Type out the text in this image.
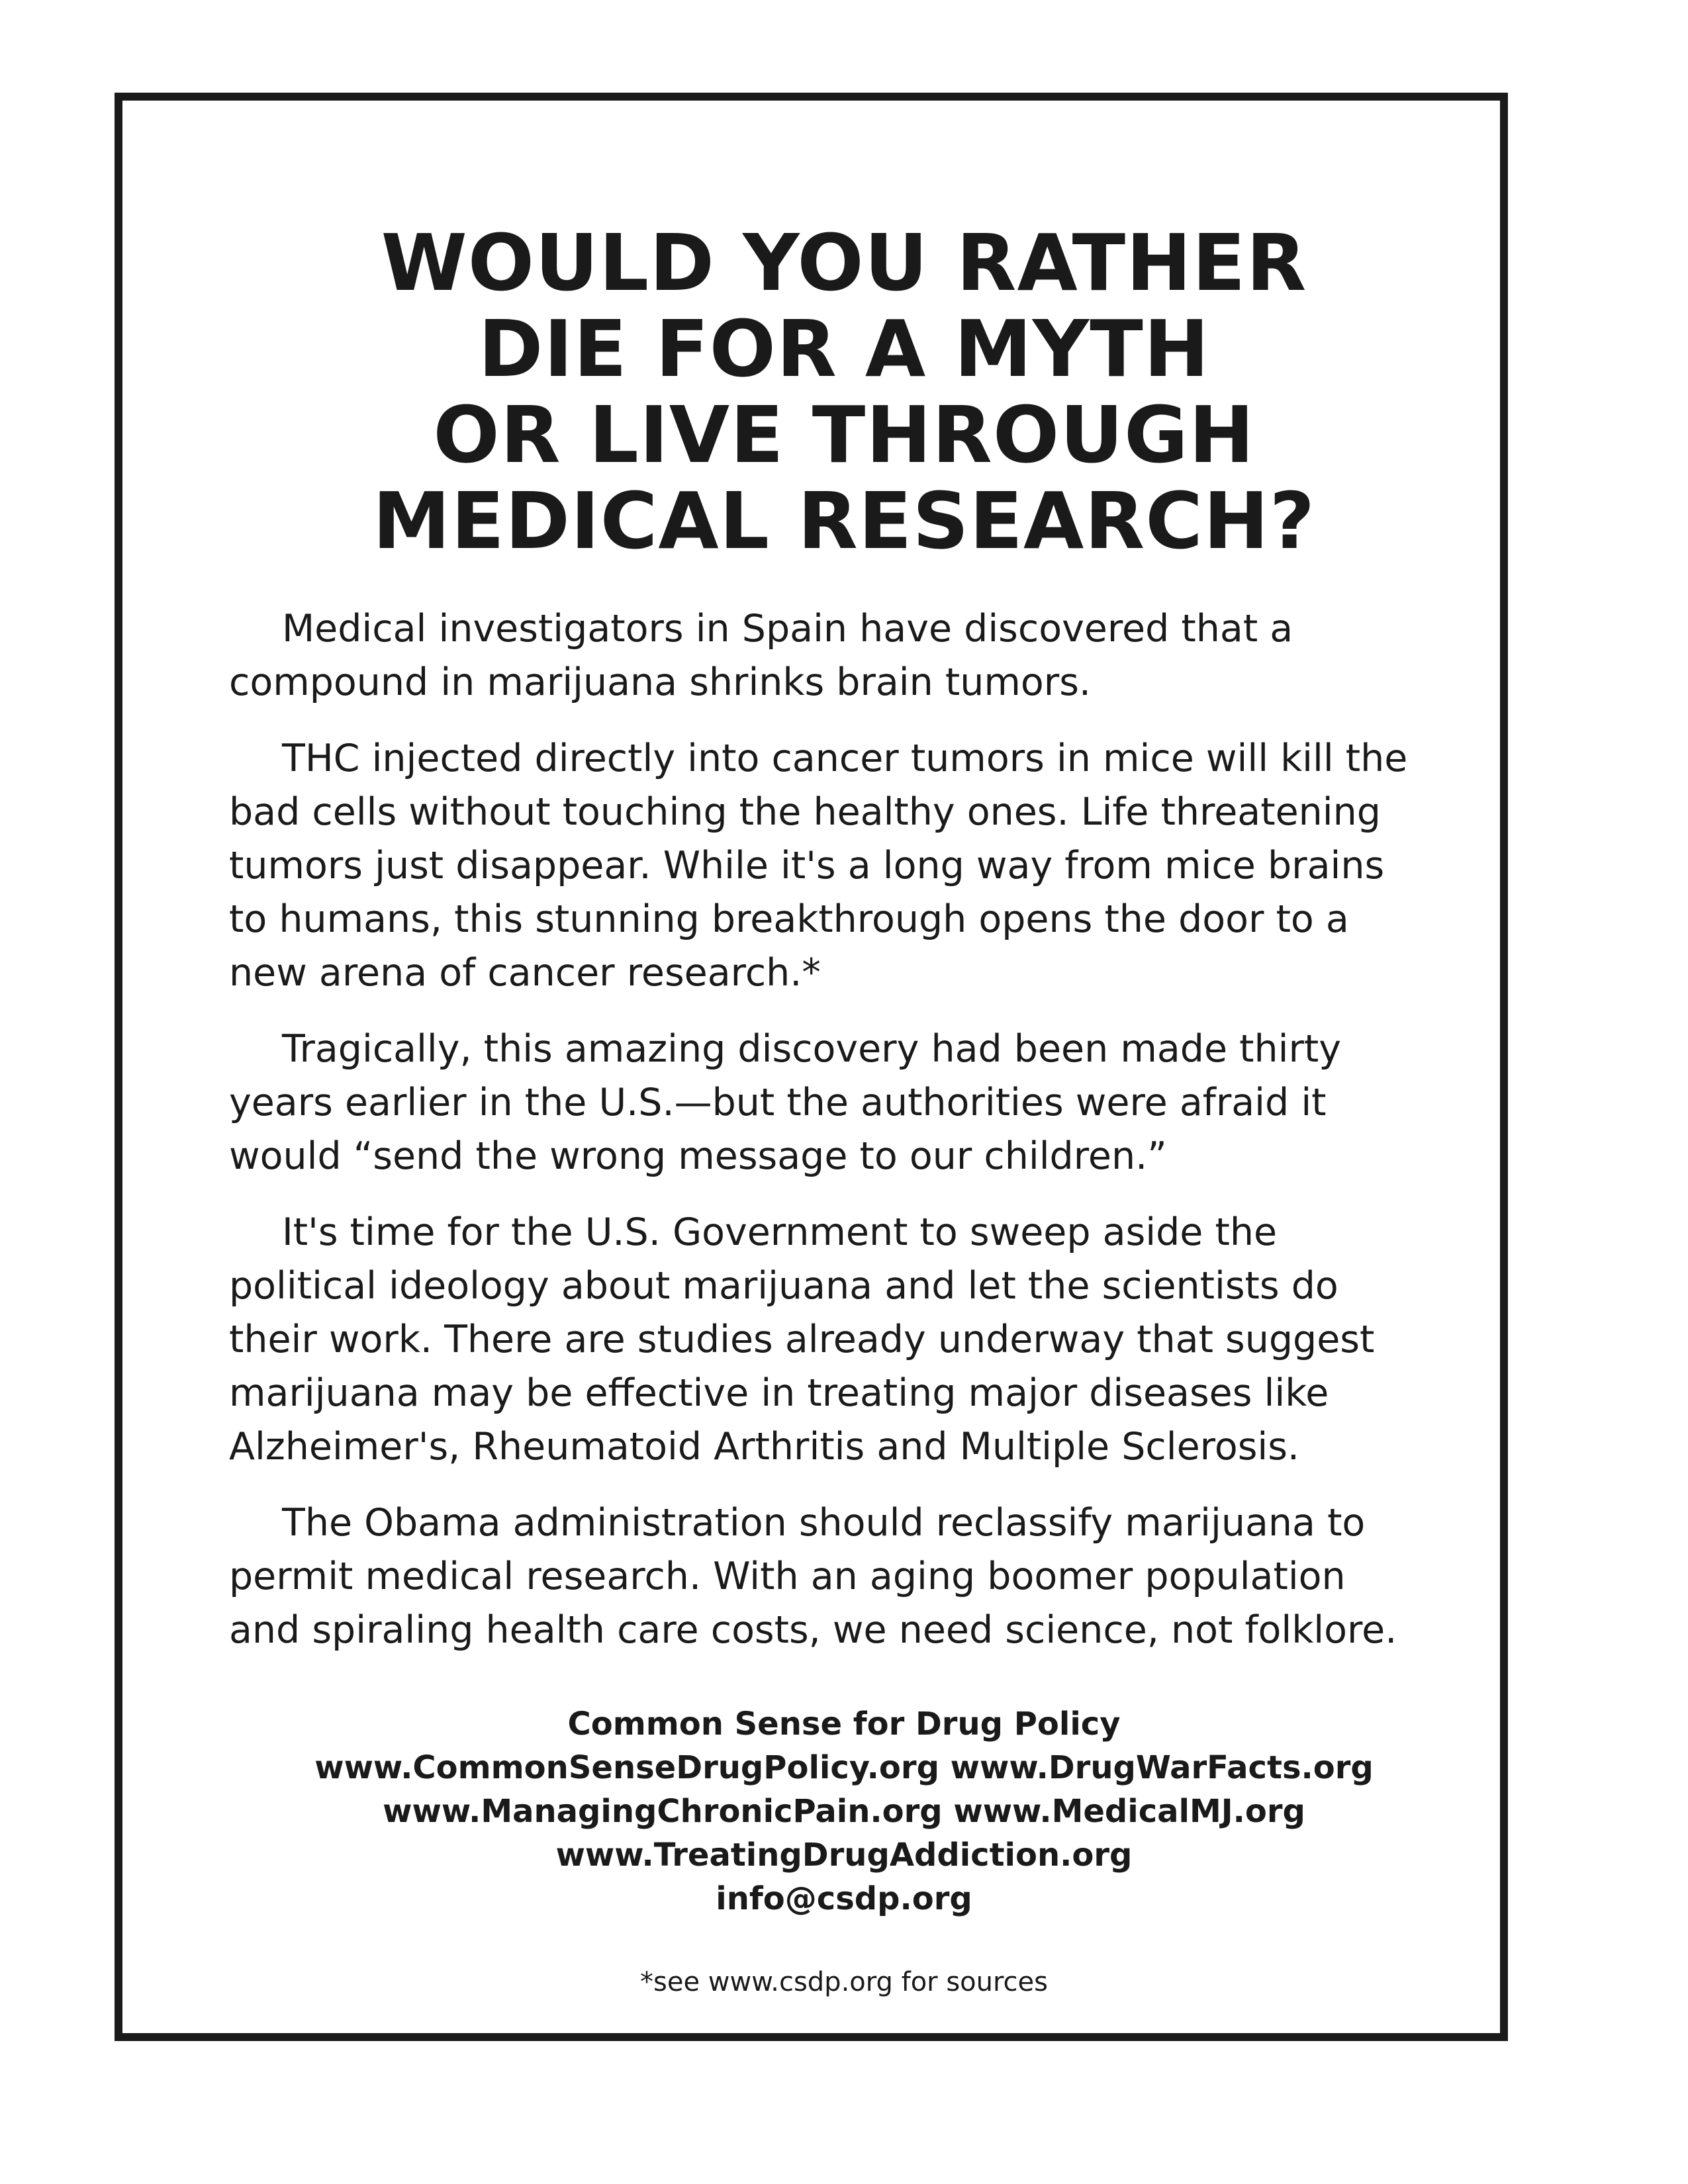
WOULD YOU RATHER
DIE FOR A MYTH
OR LIVE THROUGH
MEDICAL RESEARCH?

Medical investigators in Spain have discovered that a compound in marijuana shrinks brain tumors.

THC injected directly into cancer tumors in mice will kill the bad cells without touching the healthy ones. Life threatening tumors just disappear. While it's a long way from mice brains to humans, this stunning breakthrough opens the door to a new arena of cancer research.*

Tragically, this amazing discovery had been made thirty years earlier in the U.S.—but the authorities were afraid it would “send the wrong message to our children.”

It's time for the U.S. Government to sweep aside the political ideology about marijuana and let the scientists do their work. There are studies already underway that suggest marijuana may be effective in treating major diseases like Alzheimer's, Rheumatoid Arthritis and Multiple Sclerosis.

The Obama administration should reclassify marijuana to permit medical research. With an aging boomer population and spiraling health care costs, we need science, not folklore.

Common Sense for Drug Policy
www.CommonSenseDrugPolicy.org www.DrugWarFacts.org
www.ManagingChronicPain.org www.MedicalMJ.org
www.TreatingDrugAddiction.org
info@csdp.org
*see www.csdp.org for sources
